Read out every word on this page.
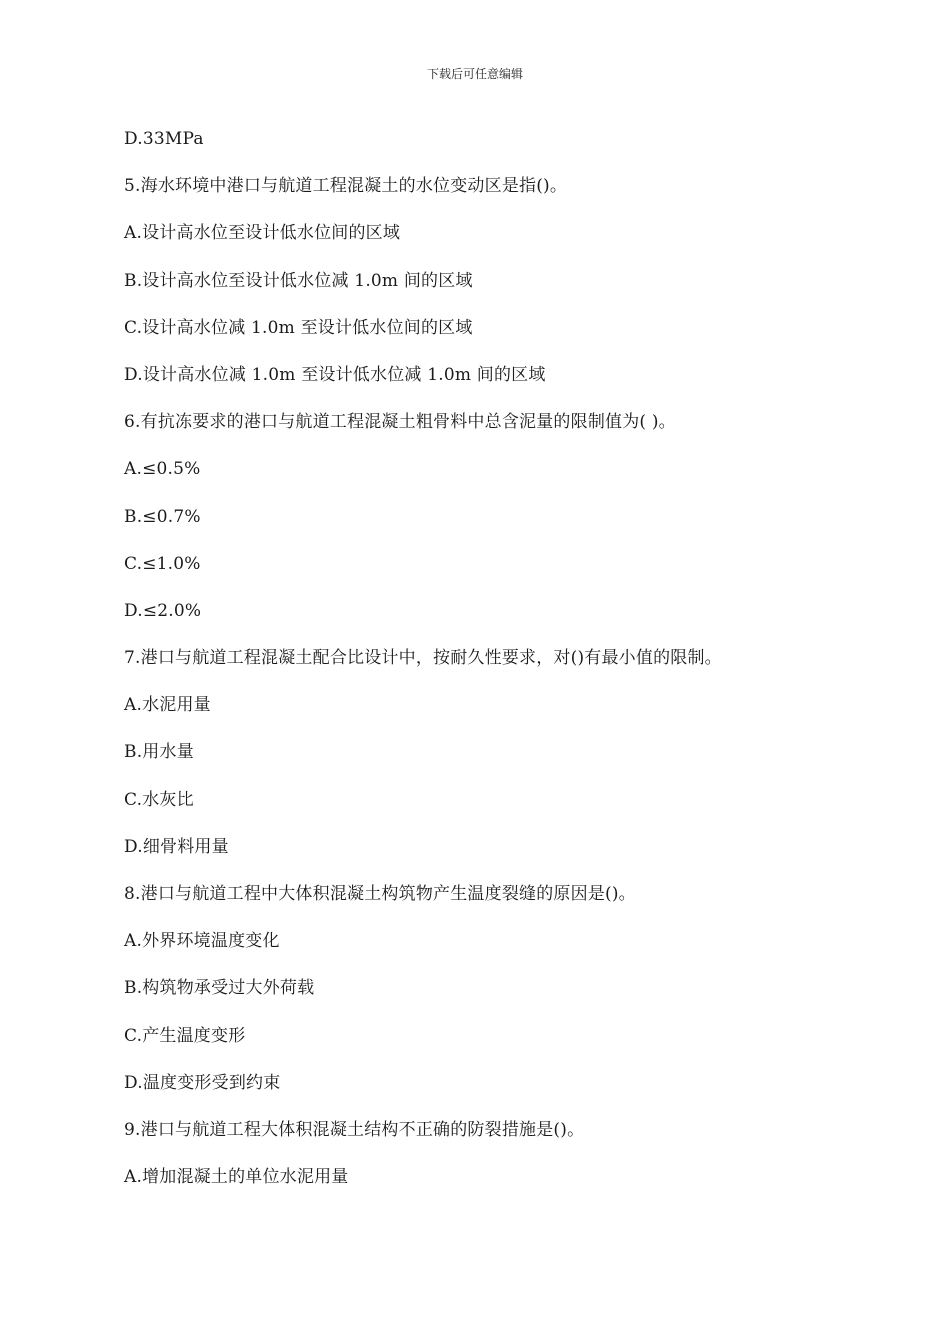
下载后可任意编辑
D.33MPa
5.海水环境中港口与航道工程混凝土的水位变动区是指()。
A.设计高水位至设计低水位间的区域
B.设计高水位至设计低水位减 1.0m 间的区域
C.设计高水位减 1.0m 至设计低水位间的区域
D.设计高水位减 1.0m 至设计低水位减 1.0m 间的区域
6.有抗冻要求的港口与航道工程混凝土粗骨料中总含泥量的限制值为( )。
A.≤0.5%
B.≤0.7%
C.≤1.0%
D.≤2.0%
7.港口与航道工程混凝土配合比设计中，按耐久性要求，对()有最小值的限制。
A.水泥用量
B.用水量
C.水灰比
D.细骨料用量
8.港口与航道工程中大体积混凝土构筑物产生温度裂缝的原因是()。
A.外界环境温度变化
B.构筑物承受过大外荷载
C.产生温度变形
D.温度变形受到约束
9.港口与航道工程大体积混凝土结构不正确的防裂措施是()。
A.增加混凝土的单位水泥用量
